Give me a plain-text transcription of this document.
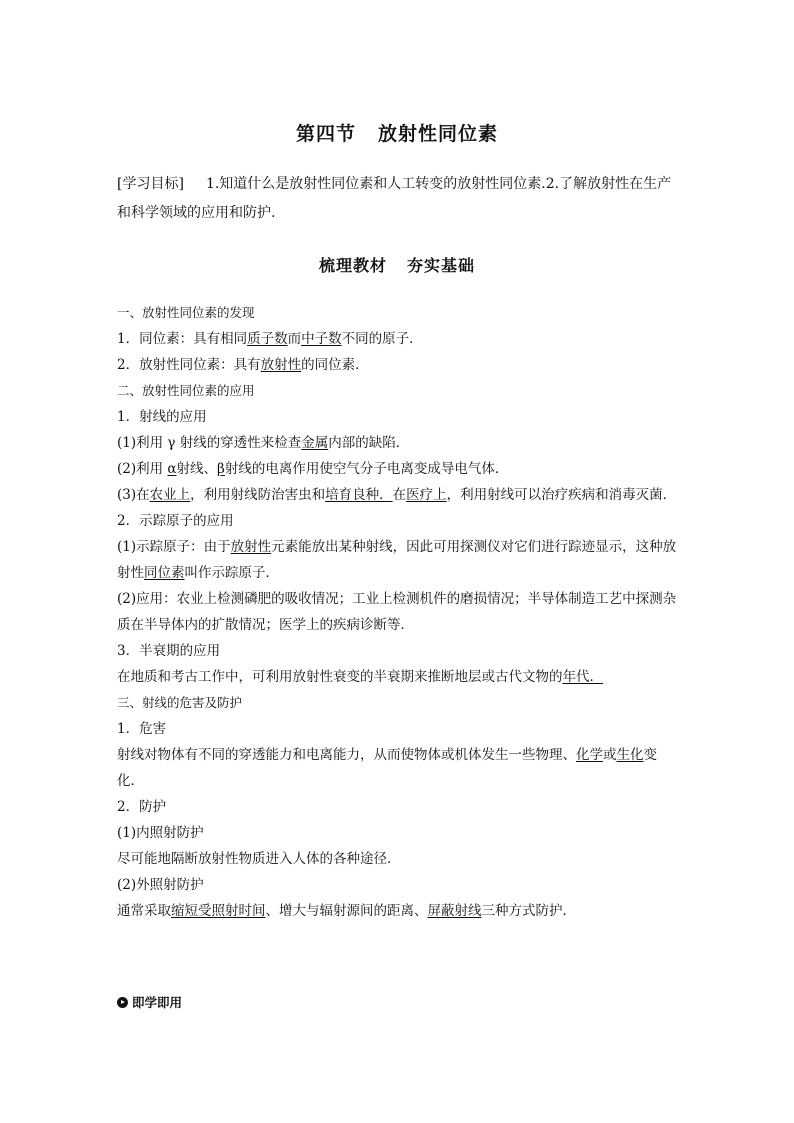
第四节 放射性同位素
[学习目标] 1.知道什么是放射性同位素和人工转变的放射性同位素.2.了解放射性在生产和科学领域的应用和防护.
梳理教材 夯实基础
一、放射性同位素的发现
1．同位素：具有相同质子数而中子数不同的原子．
2．放射性同位素：具有放射性的同位素．
二、放射性同位素的应用
1．射线的应用
(1)利用 γ 射线的穿透性来检查金属内部的缺陷．
(2)利用 α射线、β射线的电离作用使空气分子电离变成导电气体．
(3)在农业上，利用射线防治害虫和培育良种．在医疗上，利用射线可以治疗疾病和消毒灭菌．
2．示踪原子的应用
(1)示踪原子：由于放射性元素能放出某种射线，因此可用探测仪对它们进行踪迹显示，这种放射性同位素叫作示踪原子．
(2)应用：农业上检测磷肥的吸收情况；工业上检测机件的磨损情况；半导体制造工艺中探测杂质在半导体内的扩散情况；医学上的疾病诊断等．
3．半衰期的应用
在地质和考古工作中，可利用放射性衰变的半衰期来推断地层或古代文物的年代．
三、射线的危害及防护
1．危害
射线对物体有不同的穿透能力和电离能力，从而使物体或机体发生一些物理、化学或生化变化．
2．防护
(1)内照射防护
尽可能地隔断放射性物质进入人体的各种途径．
(2)外照射防护
通常采取缩短受照射时间、增大与辐射源间的距离、屏蔽射线三种方式防护．
即学即用
